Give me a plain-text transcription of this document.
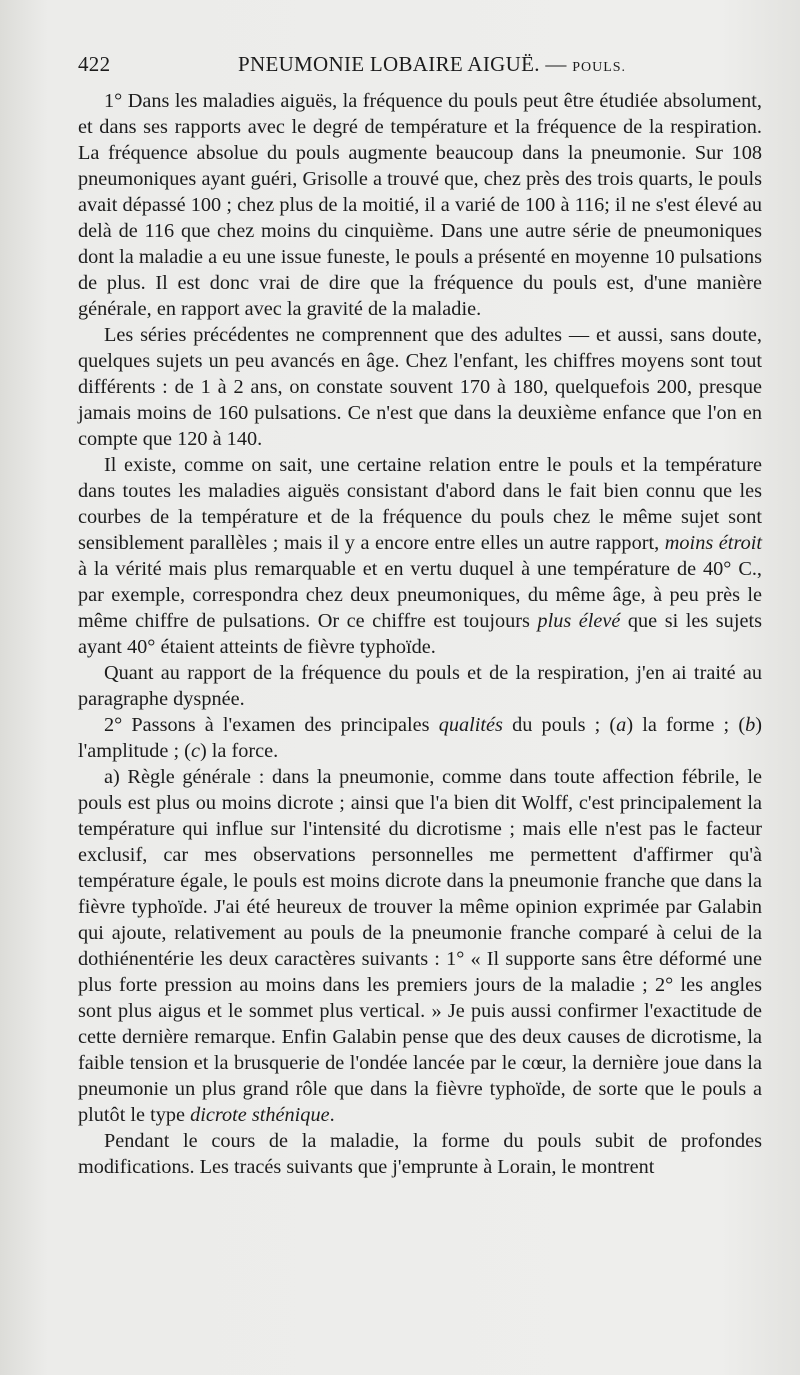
422	PNEUMONIE LOBAIRE AIGUË. — POULS.

1° Dans les maladies aiguës, la fréquence du pouls peut être étudiée absolument, et dans ses rapports avec le degré de température et la fréquence de la respiration. La fréquence absolue du pouls augmente beaucoup dans la pneumonie. Sur 108 pneumoniques ayant guéri, Grisolle a trouvé que, chez près des trois quarts, le pouls avait dépassé 100 ; chez plus de la moitié, il a varié de 100 à 116; il ne s'est élevé au delà de 116 que chez moins du cinquième. Dans une autre série de pneumoniques dont la maladie a eu une issue funeste, le pouls a présenté en moyenne 10 pulsations de plus. Il est donc vrai de dire que la fréquence du pouls est, d'une manière générale, en rapport avec la gravité de la maladie.

Les séries précédentes ne comprennent que des adultes — et aussi, sans doute, quelques sujets un peu avancés en âge. Chez l'enfant, les chiffres moyens sont tout différents : de 1 à 2 ans, on constate souvent 170 à 180, quelquefois 200, presque jamais moins de 160 pulsations. Ce n'est que dans la deuxième enfance que l'on en compte que 120 à 140.

Il existe, comme on sait, une certaine relation entre le pouls et la température dans toutes les maladies aiguës consistant d'abord dans le fait bien connu que les courbes de la température et de la fréquence du pouls chez le même sujet sont sensiblement parallèles ; mais il y a encore entre elles un autre rapport, moins étroit à la vérité mais plus remarquable et en vertu duquel à une température de 40° C., par exemple, correspondra chez deux pneumoniques, du même âge, à peu près le même chiffre de pulsations. Or ce chiffre est toujours plus élevé que si les sujets ayant 40° étaient atteints de fièvre typhoïde.

Quant au rapport de la fréquence du pouls et de la respiration, j'en ai traité au paragraphe dyspnée.

2° Passons à l'examen des principales qualités du pouls ; (a) la forme ; (b) l'amplitude ; (c) la force.

a) Règle générale : dans la pneumonie, comme dans toute affection fébrile, le pouls est plus ou moins dicrote ; ainsi que l'a bien dit Wolff, c'est principalement la température qui influe sur l'intensité du dicrotisme ; mais elle n'est pas le facteur exclusif, car mes observations personnelles me permettent d'affirmer qu'à température égale, le pouls est moins dicrote dans la pneumonie franche que dans la fièvre typhoïde. J'ai été heureux de trouver la même opinion exprimée par Galabin qui ajoute, relativement au pouls de la pneumonie franche comparé à celui de la dothiénentérie les deux caractères suivants : 1° « Il supporte sans être déformé une plus forte pression au moins dans les premiers jours de la maladie ; 2° les angles sont plus aigus et le sommet plus vertical. » Je puis aussi confirmer l'exactitude de cette dernière remarque. Enfin Galabin pense que des deux causes de dicrotisme, la faible tension et la brusquerie de l'ondée lancée par le cœur, la dernière joue dans la pneumonie un plus grand rôle que dans la fièvre typhoïde, de sorte que le pouls a plutôt le type dicrote sthénique.

Pendant le cours de la maladie, la forme du pouls subit de profondes modifications. Les tracés suivants que j'emprunte à Lorain, le montrent
